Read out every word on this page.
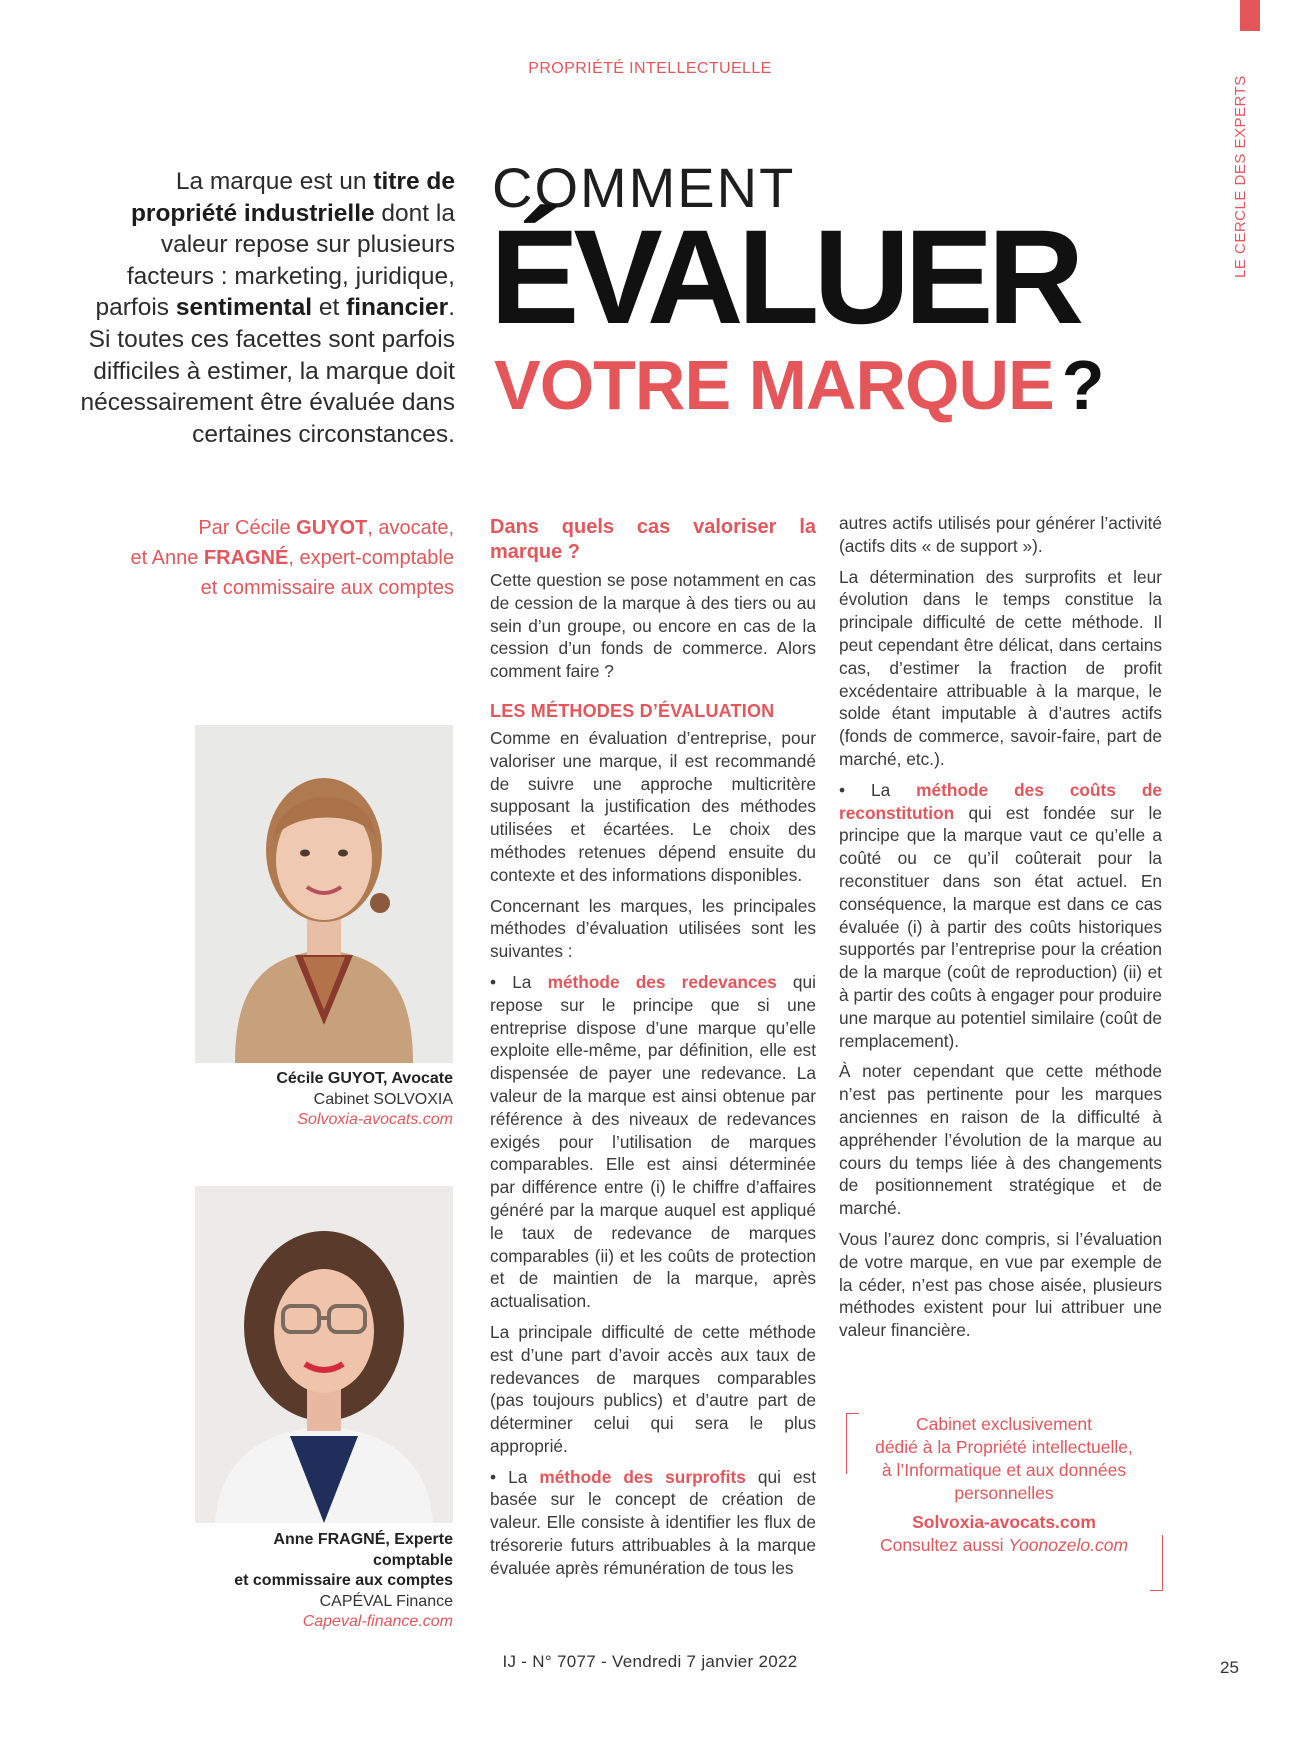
LE CERCLE DES EXPERTS
PROPRIÉTÉ INTELLECTUELLE
La marque est un titre de propriété industrielle dont la valeur repose sur plusieurs facteurs : marketing, juridique, parfois sentimental et financier. Si toutes ces facettes sont parfois difficiles à estimer, la marque doit nécessairement être évaluée dans certaines circonstances.
COMMENT
ÉVALUER
VOTRE MARQUE ?
Par Cécile GUYOT, avocate,
et Anne FRAGNÉ, expert-comptable
et commissaire aux comptes
Cécile GUYOT, Avocate
Cabinet SOLVOXIA
Solvoxia-avocats.com
Anne FRAGNÉ, Experte comptable
et commissaire aux comptes
CAPÉVAL Finance
Capeval-finance.com
Dans quels cas valoriser la marque ?

Cette question se pose notamment en cas de cession de la marque à des tiers ou au sein d’un groupe, ou encore en cas de la cession d’un fonds de commerce. Alors comment faire ?

LES MÉTHODES D’ÉVALUATION

Comme en évaluation d’entreprise, pour valoriser une marque, il est recommandé de suivre une approche multicritère supposant la justification des méthodes utilisées et écartées. Le choix des méthodes retenues dépend ensuite du contexte et des informations disponibles.

Concernant les marques, les principales méthodes d’évaluation utilisées sont les suivantes :

• La méthode des redevances qui repose sur le principe que si une entreprise dispose d’une marque qu’elle exploite elle-même, par définition, elle est dispensée de payer une redevance. La valeur de la marque est ainsi obtenue par référence à des niveaux de redevances exigés pour l’utilisation de marques comparables. Elle est ainsi déterminée par différence entre (i) le chiffre d’affaires généré par la marque auquel est appliqué le taux de redevance de marques comparables (ii) et les coûts de protection et de maintien de la marque, après actualisation.

La principale difficulté de cette méthode est d’une part d’avoir accès aux taux de redevances de marques comparables (pas toujours publics) et d’autre part de déterminer celui qui sera le plus approprié.

• La méthode des surprofits qui est basée sur le concept de création de valeur. Elle consiste à identifier les flux de trésorerie futurs attribuables à la marque évaluée après rémunération de tous les

autres actifs utilisés pour générer l’activité (actifs dits « de support »).

La détermination des surprofits et leur évolution dans le temps constitue la principale difficulté de cette méthode. Il peut cependant être délicat, dans certains cas, d’estimer la fraction de profit excédentaire attribuable à la marque, le solde étant imputable à d’autres actifs (fonds de commerce, savoir-faire, part de marché, etc.).

• La méthode des coûts de reconstitution qui est fondée sur le principe que la marque vaut ce qu’elle a coûté ou ce qu’il coûterait pour la reconstituer dans son état actuel. En conséquence, la marque est dans ce cas évaluée (i) à partir des coûts historiques supportés par l’entreprise pour la création de la marque (coût de reproduction) (ii) et à partir des coûts à engager pour produire une marque au potentiel similaire (coût de remplacement).

À noter cependant que cette méthode n’est pas pertinente pour les marques anciennes en raison de la difficulté à appréhender l’évolution de la marque au cours du temps liée à des changements de positionnement stratégique et de marché.

Vous l’aurez donc compris, si l’évaluation de votre marque, en vue par exemple de la céder, n’est pas chose aisée, plusieurs méthodes existent pour lui attribuer une valeur financière.

Cabinet exclusivement
dédié à la Propriété intellectuelle,
à l’Informatique et aux données
personnelles
Solvoxia-avocats.com
Consultez aussi Yoonozelo.com
IJ - N° 7077 - Vendredi 7 janvier 2022	25
